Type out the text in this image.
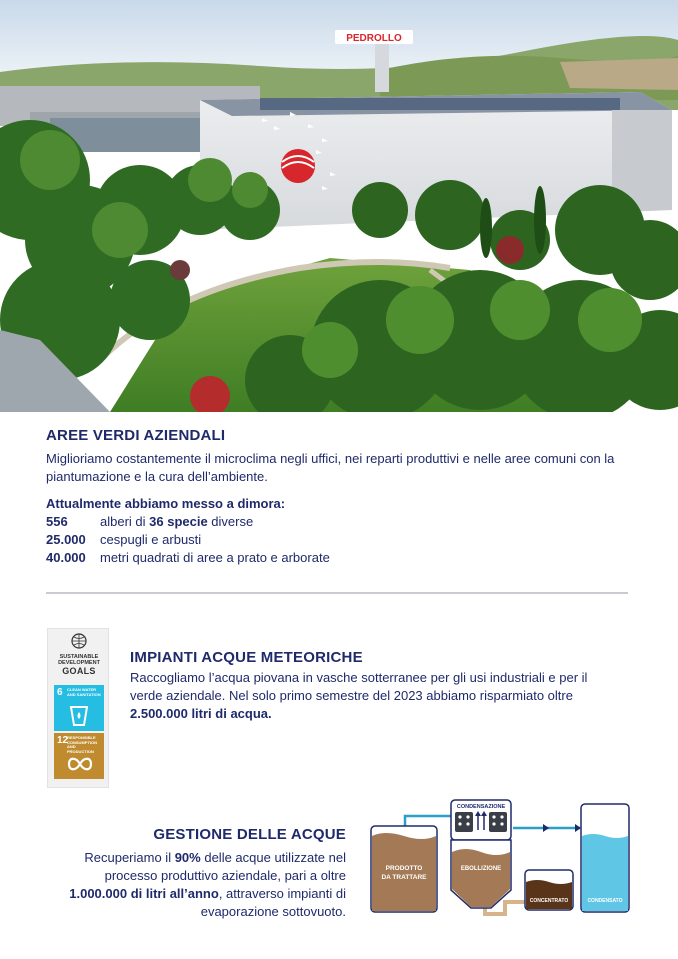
PEDROLLO
AREE VERDI AZIENDALI

Miglioriamo costantemente il microclima negli uffici, nei reparti produttivi e nelle aree comuni con la piantumazione e la cura dell’ambiente.

Attualmente abbiamo messo a dimora:
556	alberi di 36 specie diverse
25.000	cespugli e arbusti
40.000	metri quadrati di aree a prato e arborate
SUSTAINABLE
DEVELOPMENT
GOALS
6 CLEAN WATER AND SANITATION
12
RESPONSIBLE CONSUMPTION AND PRODUCTION
IMPIANTI ACQUE METEORICHE

Raccogliamo l’acqua piovana in vasche sotterranee per gli usi industriali e per il verde aziendale. Nel solo primo semestre del 2023 abbiamo risparmiato oltre 2.500.000 litri di acqua.

GESTIONE DELLE ACQUE

Recuperiamo il 90% delle acque utilizzate nel processo produttivo aziendale, pari a oltre 1.000.000 di litri all’anno, attraverso impianti di evaporazione sottovuoto.

PRODOTTO
DA TRATTARE
CONDENSAZIONE
EBOLLIZIONE
CONCENTRATO	CONDENSATO
